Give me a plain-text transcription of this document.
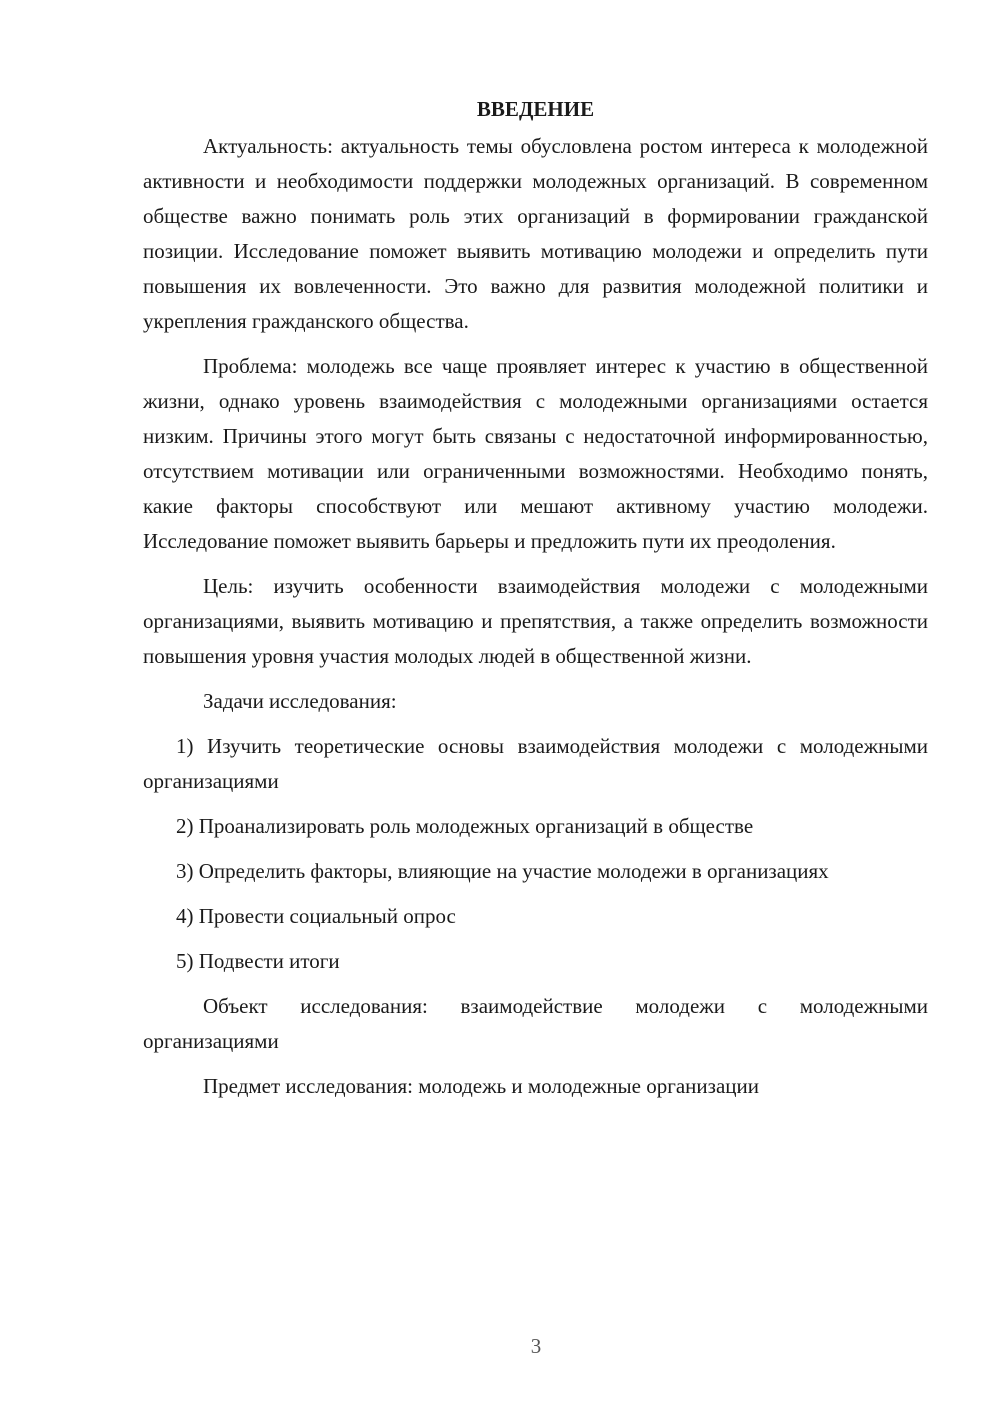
ВВЕДЕНИЕ

Актуальность: актуальность темы обусловлена ростом интереса к молодежной активности и необходимости поддержки молодежных организаций. В современном обществе важно понимать роль этих организаций в формировании гражданской позиции. Исследование поможет выявить мотивацию молодежи и определить пути повышения их вовлеченности. Это важно для развития молодежной политики и укрепления гражданского общества.

Проблема: молодежь все чаще проявляет интерес к участию в общественной жизни, однако уровень взаимодействия с молодежными организациями остается низким. Причины этого могут быть связаны с недостаточной информированностью, отсутствием мотивации или ограниченными возможностями. Необходимо понять, какие факторы способствуют или мешают активному участию молодежи. Исследование поможет выявить барьеры и предложить пути их преодоления.

Цель: изучить особенности взаимодействия молодежи с молодежными организациями, выявить мотивацию и препятствия, а также определить возможности повышения уровня участия молодых людей в общественной жизни.

Задачи исследования:

1) Изучить теоретические основы взаимодействия молодежи с молодежными организациями

2) Проанализировать роль молодежных организаций в обществе

3) Определить факторы, влияющие на участие молодежи в организациях

4) Провести социальный опрос

5) Подвести итоги

Объект исследования: взаимодействие молодежи с молодежными организациями

Предмет исследования: молодежь и молодежные организации

3
